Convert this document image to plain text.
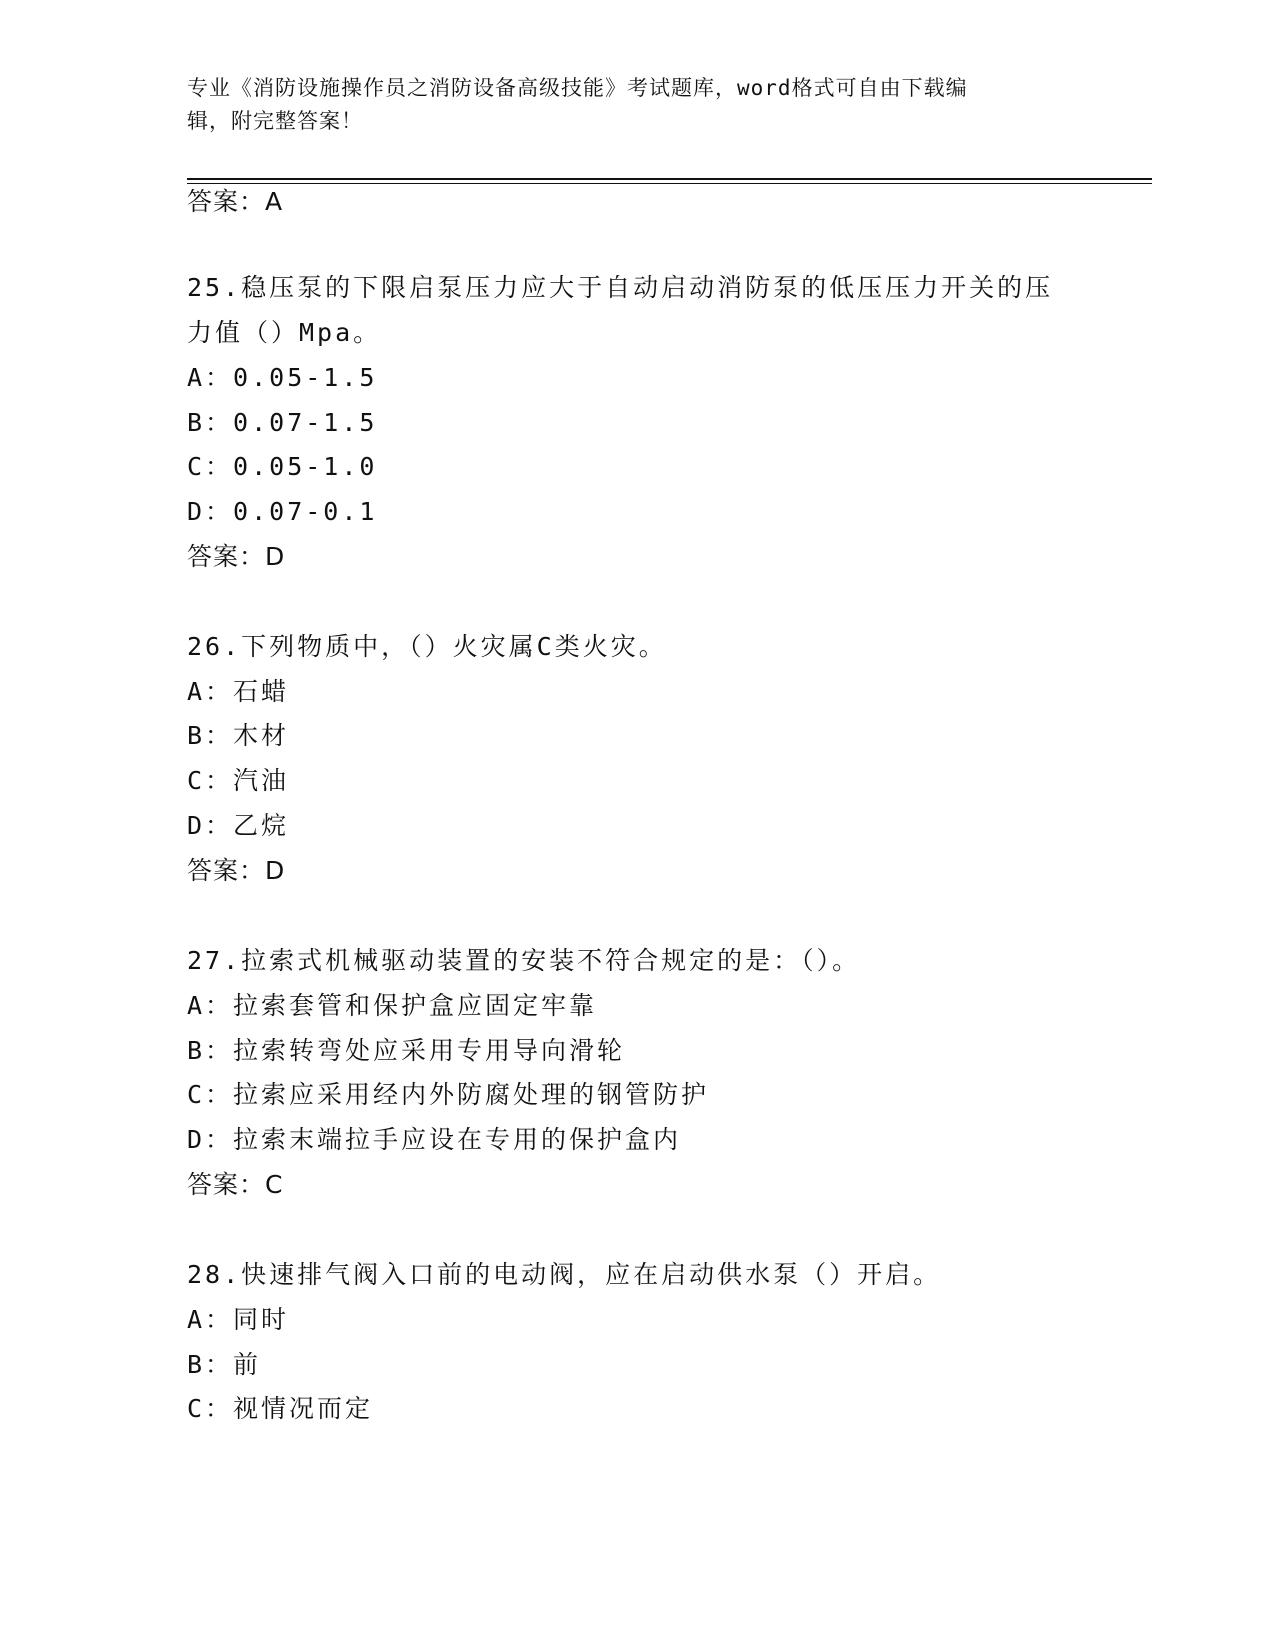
专业《消防设施操作员之消防设备高级技能》考试题库，word格式可自由下载编
辑，附完整答案！
答案：A
25.稳压泵的下限启泵压力应大于自动启动消防泵的低压压力开关的压
力值（）Mpa。
A：0.05-1.5
B：0.07-1.5
C：0.05-1.0
D：0.07-0.1
答案：D
26.下列物质中，（）火灾属C类火灾。
A：石蜡
B：木材
C：汽油
D：乙烷
答案：D
27.拉索式机械驱动装置的安装不符合规定的是：（）。
A：拉索套管和保护盒应固定牢靠
B：拉索转弯处应采用专用导向滑轮
C：拉索应采用经内外防腐处理的钢管防护
D：拉索末端拉手应设在专用的保护盒内
答案：C
28.快速排气阀入口前的电动阀，应在启动供水泵（）开启。
A：同时
B：前
C：视情况而定
